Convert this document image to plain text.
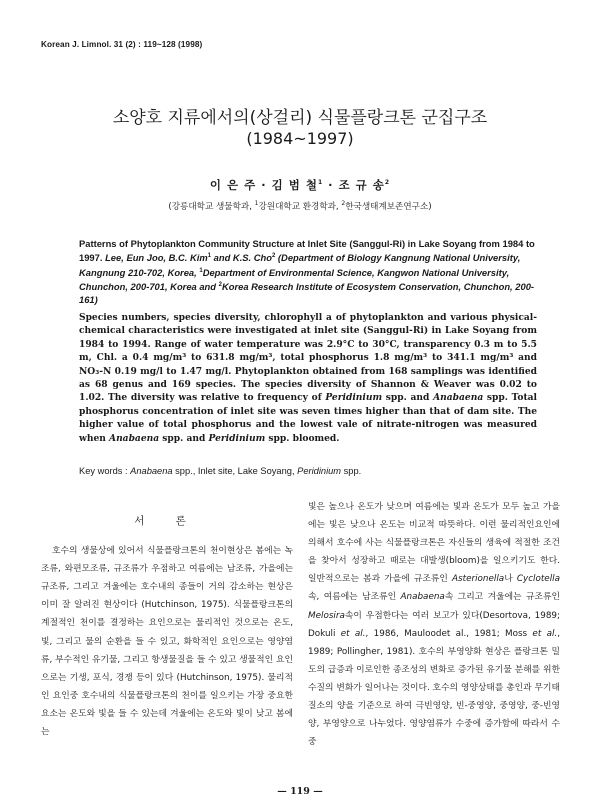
Korean J. Limnol. 31 (2) : 119~128 (1998)
소양호 지류에서의(상걸리) 식물플랑크톤 군집구조
(1984~1997)
이 은 주 · 김 범 철$^1$ · 조 규 송$^2$
(강릉대학교 생물학과, $^1$강원대학교 환경학과, $^2$한국생태계보존연구소)
Patterns of Phytoplankton Community Structure at Inlet Site (Sanggul-Ri) in Lake Soyang from 1984 to 1997. Lee, Eun Joo, B.C. Kim$^1$ and K.S. Cho$^2$ (Department of Biology Kangnung National University, Kangnung 210-702, Korea, $^1$Department of Environmental Science, Kangwon National University, Chunchon, 200-701, Korea and $^2$Korea Research Institute of Ecosystem Conservation, Chunchon, 200-161)
Species numbers, species diversity, chlorophyll a of phytoplankton and various physical-chemical characteristics were investigated at inlet site (Sanggul-Ri) in Lake Soyang from 1984 to 1994. Range of water temperature was 2.9°C to 30°C, transparency 0.3 m to 5.5 m, Chl. a 0.4 mg/m³ to 631.8 mg/m³, total phosphorus 1.8 mg/m³ to 341.1 mg/m³ and NO₃-N 0.19 mg/l to 1.47 mg/l. Phytoplankton obtained from 168 samplings was identified as 68 genus and 169 species. The species diversity of Shannon & Weaver was 0.02 to 1.02. The diversity was relative to frequency of Peridinium spp. and Anabaena spp. Total phosphorus concentration of inlet site was seven times higher than that of dam site. The higher value of total phosphorus and the lowest vale of nitrate-nitrogen was measured when Anabaena spp. and Peridinium spp. bloomed.
Key words : Anabaena spp., Inlet site, Lake Soyang, Peridinium spp.
서 론

호수의 생물상에 있어서 식물플랑크톤의 천이현상은 봄에는 녹조류, 와편모조류, 규조류가 우점하고 여름에는 남조류, 가을에는 규조류, 그리고 겨울에는 호수내의 종들이 거의 감소하는 현상은 이미 잘 알려진 현상이다 (Hutchinson, 1975). 식물플랑크톤의 계절적인 천이를 결정하는 요인으로는 물리적인 것으로는 온도, 빛, 그리고 물의 순환을 들 수 있고, 화학적인 요인으로는 영양염류, 부수적인 유기물, 그리고 항생물질을 들 수 있고 생물적인 요인으로는 기생, 포식, 경쟁 등이 있다 (Hutchinson, 1975). 물리적인 요인중 호수내의 식물플랑크톤의 천이를 일으키는 가장 중요한 요소는 온도와 빛을 들 수 있는데 겨울에는 온도와 빛이 낮고 봄에는

빛은 높으나 온도가 낮으며 여름에는 빛과 온도가 모두 높고 가을에는 빛은 낮으나 온도는 비교적 따뜻하다. 이런 물리적인요인에 의해서 호수에 사는 식물플랑크톤은 자신들의 생육에 적절한 조건을 찾아서 성장하고 때로는 대발생(bloom)을 일으키기도 한다. 일반적으로는 봄과 가을에 규조류인 Asterionella나 Cyclotella속, 여름에는 남조류인 Anabaena속 그리고 겨울에는 규조류인 Melosira속이 우점한다는 여러 보고가 있다(Desortova, 1989; Dokuli et al., 1986, Mauloodet al., 1981; Moss et al., 1989; Pollingher, 1981). 호수의 부영양화 현상은 플랑크톤 밀도의 급증과 이로인한 종조성의 변화로 증가된 유기물 분해를 위한 수질의 변화가 일어나는 것이다. 호수의 영양상태를 총인과 무기태질소의 양을 기준으로 하여 극빈영양, 빈-중영양, 중영양, 중-빈영양, 부영양으로 나누었다. 영양염류가 수중에 증가함에 따라서 수중

— 119 —
